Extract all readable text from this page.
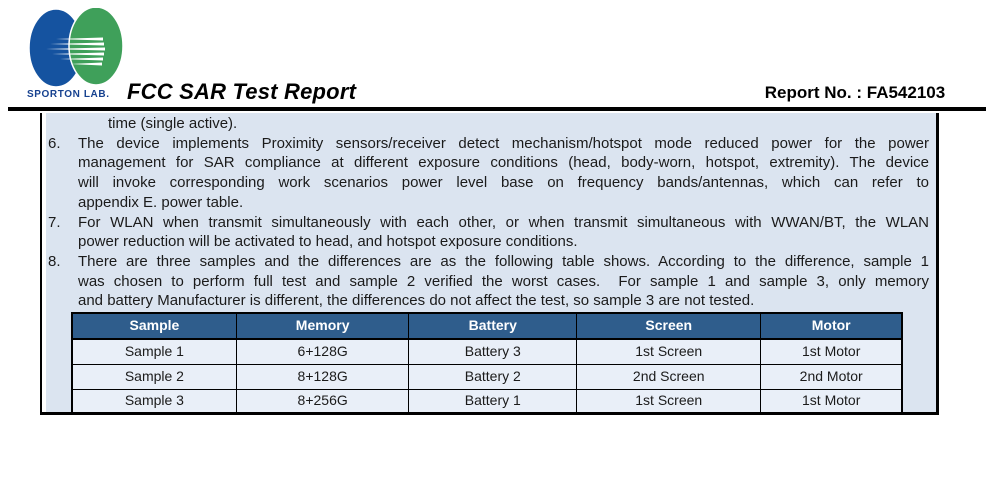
SPORTON LAB. FCC SAR Test Report	Report No. : FA542103
time (single active).
6.	The device implements Proximity sensors/receiver detect mechanism/hotspot mode reduced power for the power
management for SAR compliance at different exposure conditions (head, body-worn, hotspot, extremity). The device
will invoke corresponding work scenarios power level base on frequency bands/antennas, which can refer to
appendix E. power table.
7.	For WLAN when transmit simultaneously with each other, or when transmit simultaneous with WWAN/BT, the WLAN
power reduction will be activated to head, and hotspot exposure conditions.
8.	There are three samples and the differences are as the following table shows. According to the difference, sample 1
was chosen to perform full test and sample 2 verified the worst cases.  For sample 1 and sample 3, only memory
and battery Manufacturer is different, the differences do not affect the test, so sample 3 are not tested.
Sample	Memory	Battery	Screen	Motor
Sample 1	6+128G	Battery 3	1st Screen	1st Motor
Sample 2	8+128G	Battery 2	2nd Screen	2nd Motor
Sample 3	8+256G	Battery 1	1st Screen	1st Motor
